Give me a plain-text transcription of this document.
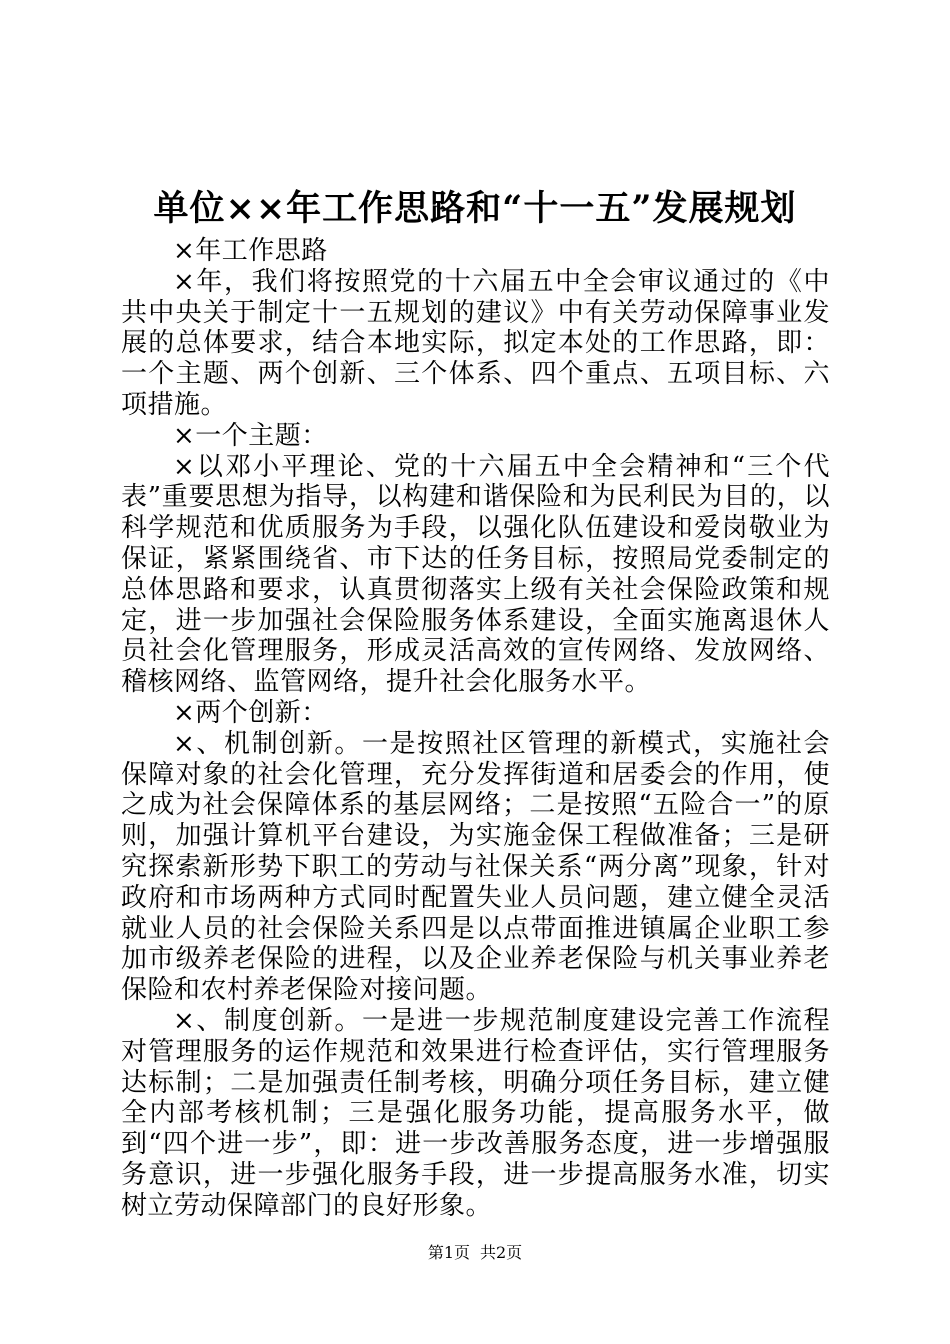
单位××年工作思路和“十一五”发展规划

×年工作思路

×年，我们将按照党的十六届五中全会审议通过的《中共中央关于制定十一五规划的建议》中有关劳动保障事业发展的总体要求，结合本地实际，拟定本处的工作思路，即：一个主题、两个创新、三个体系、四个重点、五项目标、六项措施。

×一个主题：

×以邓小平理论、党的十六届五中全会精神和“三个代表”重要思想为指导，以构建和谐保险和为民利民为目的，以科学规范和优质服务为手段，以强化队伍建设和爱岗敬业为保证，紧紧围绕省、市下达的任务目标，按照局党委制定的总体思路和要求，认真贯彻落实上级有关社会保险政策和规定，进一步加强社会保险服务体系建设，全面实施离退休人员社会化管理服务，形成灵活高效的宣传网络、发放网络、稽核网络、监管网络，提升社会化服务水平。

×两个创新：

×、机制创新。一是按照社区管理的新模式，实施社会保障对象的社会化管理，充分发挥街道和居委会的作用，使之成为社会保障体系的基层网络；二是按照“五险合一”的原则，加强计算机平台建设，为实施金保工程做准备；三是研究探索新形势下职工的劳动与社保关系“两分离”现象，针对政府和市场两种方式同时配置失业人员问题，建立健全灵活就业人员的社会保险关系四是以点带面推进镇属企业职工参加市级养老保险的进程，以及企业养老保险与机关事业养老保险和农村养老保险对接问题。

×、制度创新。一是进一步规范制度建设完善工作流程对管理服务的运作规范和效果进行检查评估，实行管理服务达标制；二是加强责任制考核，明确分项任务目标，建立健全内部考核机制；三是强化服务功能，提高服务水平，做到“四个进一步”，即：进一步改善服务态度，进一步增强服务意识，进一步强化服务手段，进一步提高服务水准，切实树立劳动保障部门的良好形象。

第1页 共2页
